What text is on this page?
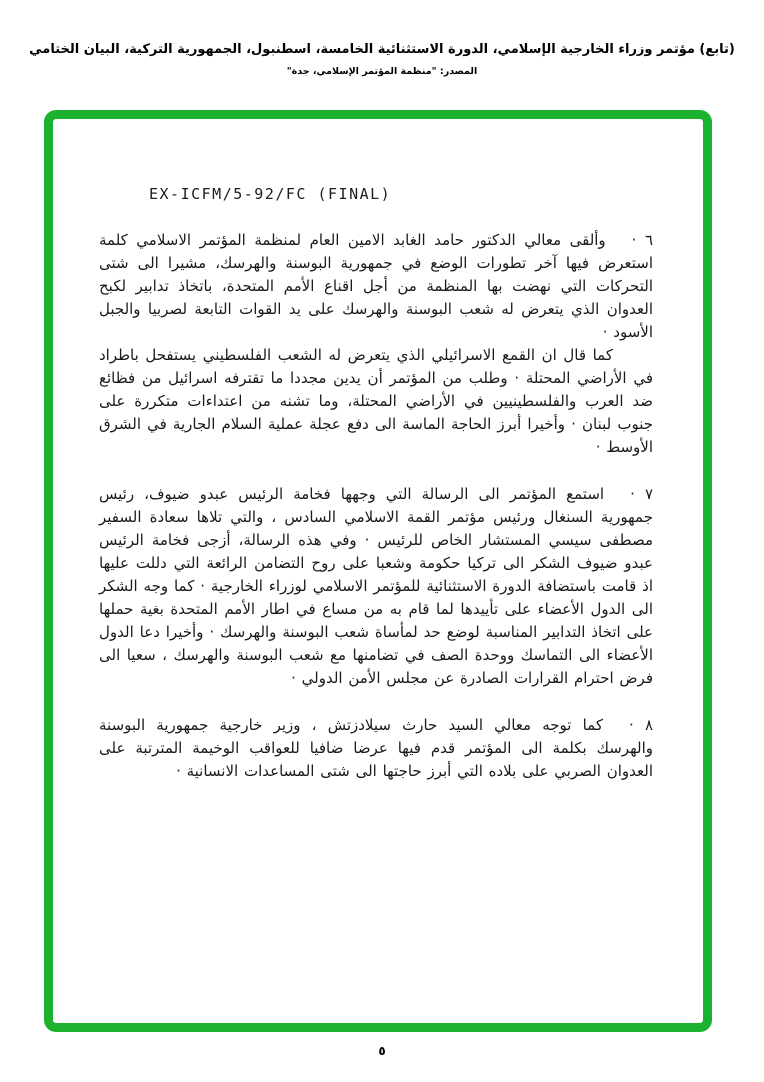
(تابع) مؤتمر وزراء الخارجية الإسلامي، الدورة الاستثنائية الخامسة، اسطنبول، الجمهورية التركية، البيان الختامي
المصدر: "منظمة المؤتمر الإسلامي، جدة"
EX-ICFM/5-92/FC (FINAL)
٦ ·وألقى معالي الدكتور حامد الغابد الامين العام لمنظمة المؤتمر الاسلامي كلمة استعرض فيها آخر تطورات الوضع في جمهورية البوسنة والهرسك، مشيرا الى شتى التحركات التي نهضت بها المنظمة من أجل اقناع الأمم المتحدة، باتخاذ تدابير لكبح العدوان الذي يتعرض له شعب البوسنة والهرسك على يد القوات التابعة لصربيا والجبل الأسود ·
كما قال ان القمع الاسرائيلي الذي يتعرض له الشعب الفلسطيني يستفحل باطراد في الأراضي المحتلة · وطلب من المؤتمر أن يدين مجددا ما تقترفه اسرائيل من فظائع ضد العرب والفلسطينيين في الأراضي المحتلة، وما تشنه من اعتداءات متكررة على جنوب لبنان · وأخيرا أبرز الحاجة الماسة الى دفع عجلة عملية السلام الجارية في الشرق الأوسط ·
٧ ·استمع المؤتمر الى الرسالة التي وجهها فخامة الرئيس عبدو ضيوف، رئيس جمهورية السنغال ورئيس مؤتمر القمة الاسلامي السادس ، والتي تلاها سعادة السفير مصطفى سيسي المستشار الخاص للرئيس · وفي هذه الرسالة، أزجى فخامة الرئيس عبدو ضيوف الشكر الى تركيا حكومة وشعبا على روح التضامن الرائعة التي دللت عليها اذ قامت باستضافة الدورة الاستثنائية للمؤتمر الاسلامي لوزراء الخارجية · كما وجه الشكر الى الدول الأعضاء على تأييدها لما قام به من مساع في اطار الأمم المتحدة بغية حملها على اتخاذ التدابير المناسبة لوضع حد لمأساة شعب البوسنة والهرسك · وأخيرا دعا الدول الأعضاء الى التماسك ووحدة الصف في تضامنها مع شعب البوسنة والهرسك ، سعيا الى فرض احترام القرارات الصادرة عن مجلس الأمن الدولي ·
٨ ·كما توجه معالي السيد حارث سيلادزتش ، وزير خارجية جمهورية البوسنة والهرسك بكلمة الى المؤتمر قدم فيها عرضا ضافيا للعواقب الوخيمة المترتبة على العدوان الصربي على بلاده التي أبرز حاجتها الى شتى المساعدات الانسانية ·
٥
